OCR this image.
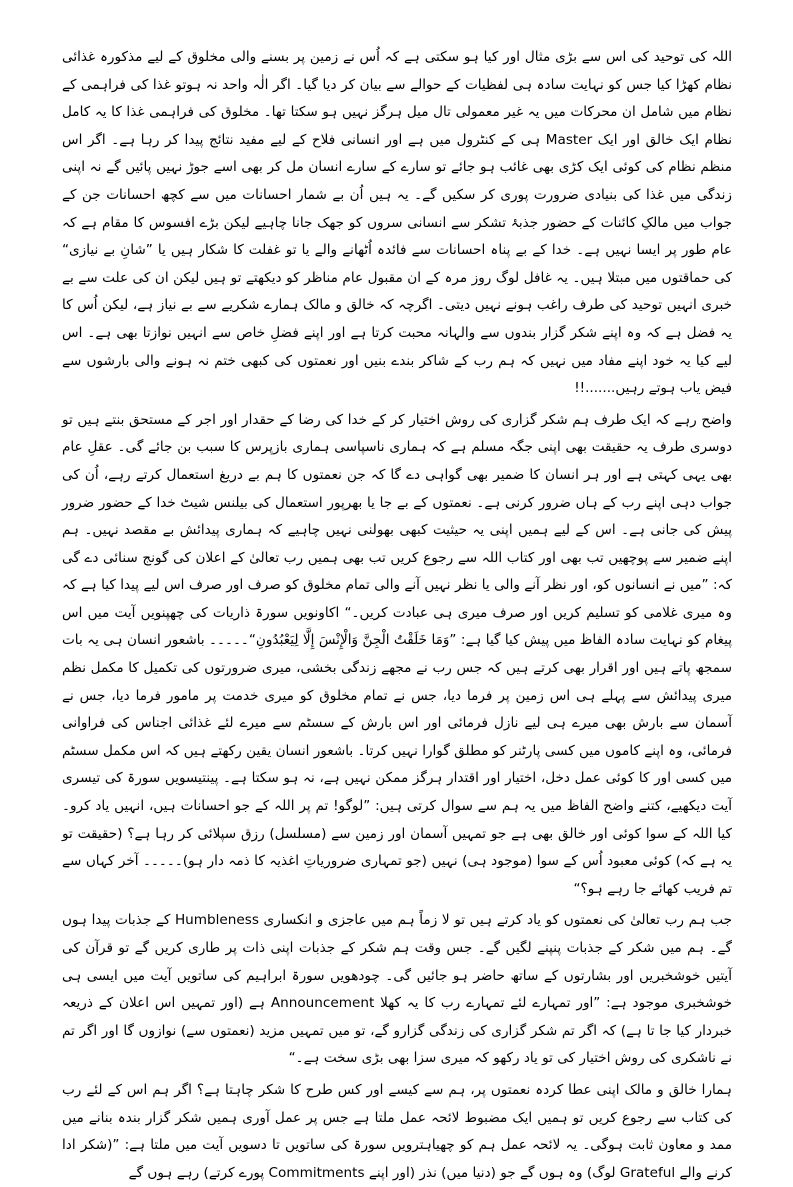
اللہ کی توحید کی اس سے بڑی مثال اور کیا ہو سکتی ہے کہ اُس نے زمین پر بسنے والی مخلوق کے لیے مذکورہ غذائی نظام کھڑا کیا جس کو نہایت سادہ ہی لفظیات کے حوالے سے بیان کر دیا گیا۔ اگر الٰہ واحد نہ ہوتو غذا کی فراہمی کے نظام میں شامل ان محرکات میں یہ غیر معمولی تال میل ہرگز نہیں ہو سکتا تھا۔ مخلوق کی فراہمی غذا کا یہ کامل نظام ایک خالق اور ایک Master ہی کے کنٹرول میں ہے اور انسانی فلاح کے لیے مفید نتائج پیدا کر رہا ہے۔ اگر اس منظم نظام کی کوئی ایک کڑی بھی غائب ہو جائے تو سارے کے سارے انسان مل کر بھی اسے جوڑ نہیں پائیں گے نہ اپنی زندگی میں غذا کی بنیادی ضرورت پوری کر سکیں گے۔ یہ ہیں اُن بے شمار احسانات میں سے کچھ احسانات جن کے جواب میں مالکِ کائنات کے حضور جذبۂ تشکر سے انسانی سروں کو جھک جانا چاہیے لیکن بڑے افسوس کا مقام ہے کہ عام طور پر ایسا نہیں ہے۔ خدا کے بے پناہ احسانات سے فائدہ اُٹھانے والے یا تو غفلت کا شکار ہیں یا ”شانِ بے نیازی“ کی حماقتوں میں مبتلا ہیں۔ یہ غافل لوگ روز مرہ کے ان مقبول عام مناظر کو دیکھتے تو ہیں لیکن ان کی علت سے بے خبری انہیں توحید کی طرف راغب ہونے نہیں دیتی۔ اگرچہ کہ خالق و مالک ہمارے شکریے سے بے نیاز ہے، لیکن اُس کا یہ فضل ہے کہ وہ اپنے شکر گزار بندوں سے والہانہ محبت کرتا ہے اور اپنے فضلِ خاص سے انہیں نوازتا بھی ہے۔ اس لیے کیا یہ خود اپنے مفاد میں نہیں کہ ہم رب کے شاکر بندے بنیں اور نعمتوں کی کبھی ختم نہ ہونے والی بارشوں سے فیض یاب ہوتے رہیں.......!!

واضح رہے کہ ایک طرف ہم شکر گزاری کی روش اختیار کر کے خدا کی رضا کے حقدار اور اجر کے مستحق بنتے ہیں تو دوسری طرف یہ حقیقت بھی اپنی جگہ مسلم ہے کہ ہماری ناسپاسی ہماری بازپرس کا سبب بن جائے گی۔ عقلِ عام بھی یہی کہتی ہے اور ہر انسان کا ضمیر بھی گواہی دے گا کہ جن نعمتوں کا ہم بے دریغ استعمال کرتے رہے، اُن کی جواب دہی اپنے رب کے ہاں ضرور کرنی ہے۔ نعمتوں کے بے جا یا بھرپور استعمال کی بیلنس شیٹ خدا کے حضور ضرور پیش کی جانی ہے۔ اس کے لیے ہمیں اپنی یہ حیثیت کبھی بھولنی نہیں چاہیے کہ ہماری پیدائش بے مقصد نہیں۔ ہم اپنے ضمیر سے پوچھیں تب بھی اور کتاب اللہ سے رجوع کریں تب بھی ہمیں رب تعالیٰ کے اعلان کی گونج سنائی دے گی کہ: ”میں نے انسانوں کو، اور نظر آنے والی یا نظر نہیں آنے والی تمام مخلوق کو صرف اور صرف اس لیے پیدا کیا ہے کہ وہ میری غلامی کو تسلیم کریں اور صرف میری ہی عبادت کریں۔“ اکاونویں سورۃ ذاریات کی چھپنویں آیت میں اس پیغام کو نہایت سادہ الفاظ میں پیش کیا گیا ہے: ”وَمَا خَلَقْتُ الْجِنَّ وَالْإِنْسَ إِلَّا لِيَعْبُدُونِ“۔۔۔۔۔ باشعور انسان ہی یہ بات سمجھ پاتے ہیں اور اقرار بھی کرتے ہیں کہ جس رب نے مجھے زندگی بخشی، میری ضرورتوں کی تکمیل کا مکمل نظم میری پیدائش سے پہلے ہی اس زمین پر فرما دیا، جس نے تمام مخلوق کو میری خدمت پر مامور فرما دیا، جس نے آسمان سے بارش بھی میرے ہی لیے نازل فرمائی اور اس بارش کے سسٹم سے میرے لئے غذائی اجناس کی فراوانی فرمائی، وہ اپنے کاموں میں کسی پارٹنر کو مطلق گوارا نہیں کرتا۔ باشعور انسان یقین رکھتے ہیں کہ اس مکمل سسٹم میں کسی اور کا کوئی عمل دخل، اختیار اور اقتدار ہرگز ممکن نہیں ہے، نہ ہو سکتا ہے۔ پینتیسویں سورۃ کی تیسری آیت دیکھیے، کتنے واضح الفاظ میں یہ ہم سے سوال کرتی ہیں: ”لوگو! تم پر اللہ کے جو احسانات ہیں، انہیں یاد کرو۔ کیا اللہ کے سوا کوئی اور خالق بھی ہے جو تمہیں آسمان اور زمین سے (مسلسل) رزق سپلائی کر رہا ہے؟ (حقیقت تو یہ ہے کہ) کوئی معبود اُس کے سوا (موجود ہی) نہیں (جو تمہاری ضروریاتِ اغذیہ کا ذمہ دار ہو)۔۔۔۔۔ آخر کہاں سے تم فریب کھائے جا رہے ہو؟“

جب ہم رب تعالیٰ کی نعمتوں کو یاد کرتے ہیں تو لا زماً ہم میں عاجزی و انکساری Humbleness کے جذبات پیدا ہوں گے۔ ہم میں شکر کے جذبات پنپنے لگیں گے۔ جس وقت ہم شکر کے جذبات اپنی ذات پر طاری کریں گے تو قرآن کی آیتیں خوشخبریں اور بشارتوں کے ساتھ حاضر ہو جائیں گی۔ چودھویں سورۃ ابراہیم کی ساتویں آیت میں ایسی ہی خوشخبری موجود ہے: ”اور تمہارے لئے تمہارے رب کا یہ کھلا Announcement ہے (اور تمہیں اس اعلان کے ذریعہ خبردار کیا جا تا ہے) کہ اگر تم شکر گزاری کی زندگی گزارو گے، تو میں تمہیں مزید (نعمتوں سے) نوازوں گا اور اگر تم نے ناشکری کی روش اختیار کی تو یاد رکھو کہ میری سزا بھی بڑی سخت ہے۔“

ہمارا خالق و مالک اپنی عطا کردہ نعمتوں پر، ہم سے کیسے اور کس طرح کا شکر چاہتا ہے؟ اگر ہم اس کے لئے رب کی کتاب سے رجوع کریں تو ہمیں ایک مضبوط لائحہ عمل ملتا ہے جس پر عمل آوری ہمیں شکر گزار بندہ بنانے میں ممد و معاون ثابت ہوگی۔ یہ لائحہ عمل ہم کو چھیاہترویں سورۃ کی ساتویں تا دسویں آیت میں ملتا ہے: ”(شکر ادا کرنے والے Grateful لوگ) وہ ہوں گے جو (دنیا میں) نذر (اور اپنے Commitments پورے کرتے) رہے ہوں گے
